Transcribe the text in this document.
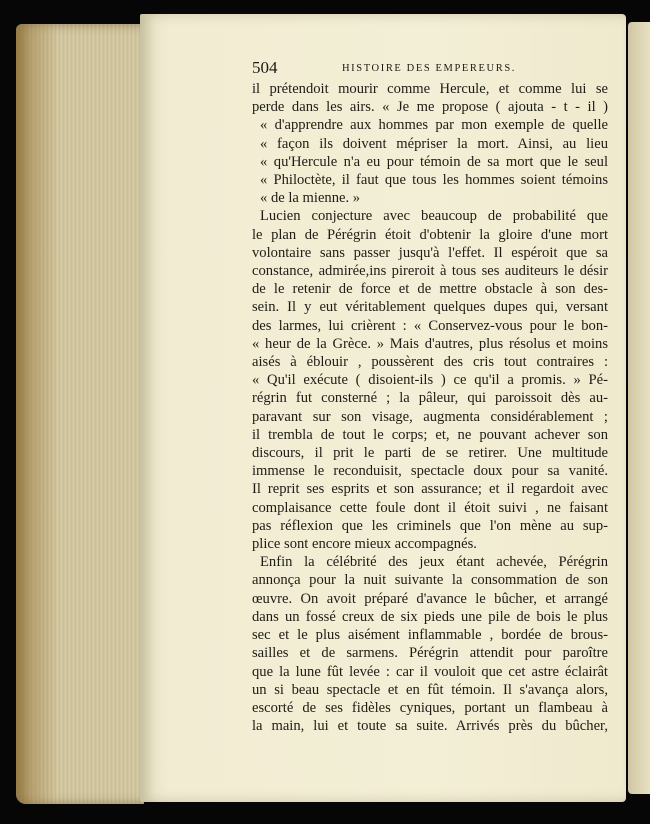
504	HISTOIRE DES EMPEREURS.
il prétendoit mourir comme Hercule, et comme lui se
perde dans les airs. « Je me propose ( ajouta - t - il )
« d'apprendre aux hommes par mon exemple de quelle
« façon ils doivent mépriser la mort. Ainsi, au lieu
« qu'Hercule n'a eu pour témoin de sa mort que le seul
« Philoctète, il faut que tous les hommes soient témoins
« de la mienne. »
Lucien conjecture avec beaucoup de probabilité que
le plan de Pérégrin étoit d'obtenir la gloire d'une mort
volontaire sans passer jusqu'à l'effet. Il espéroit que sa
constance, admirée,ins pireroit à tous ses auditeurs le désir
de le retenir de force et de mettre obstacle à son des-
sein. Il y eut véritablement quelques dupes qui, versant
des larmes, lui crièrent : « Conservez-vous pour le bon-
« heur de la Grèce. » Mais d'autres, plus résolus et moins
aisés à éblouir , poussèrent des cris tout contraires :
« Qu'il exécute ( disoient-ils ) ce qu'il a promis. » Pé-
régrin fut consterné ; la pâleur, qui paroissoit dès au-
paravant sur son visage, augmenta considérablement ;
il trembla de tout le corps; et, ne pouvant achever son
discours, il prit le parti de se retirer. Une multitude
immense le reconduisit, spectacle doux pour sa vanité.
Il reprit ses esprits et son assurance; et il regardoit avec
complaisance cette foule dont il étoit suivi , ne faisant
pas réflexion que les criminels que l'on mène au sup-
plice sont encore mieux accompagnés.
Enfin la célébrité des jeux étant achevée, Pérégrin
annonça pour la nuit suivante la consommation de son
œuvre. On avoit préparé d'avance le bûcher, et arrangé
dans un fossé creux de six pieds une pile de bois le plus
sec et le plus aisément inflammable , bordée de brous-
sailles et de sarmens. Pérégrin attendit pour paroître
que la lune fût levée : car il vouloit que cet astre éclairât
un si beau spectacle et en fût témoin. Il s'avança alors,
escorté de ses fidèles cyniques, portant un flambeau à
la main, lui et toute sa suite. Arrivés près du bûcher,
